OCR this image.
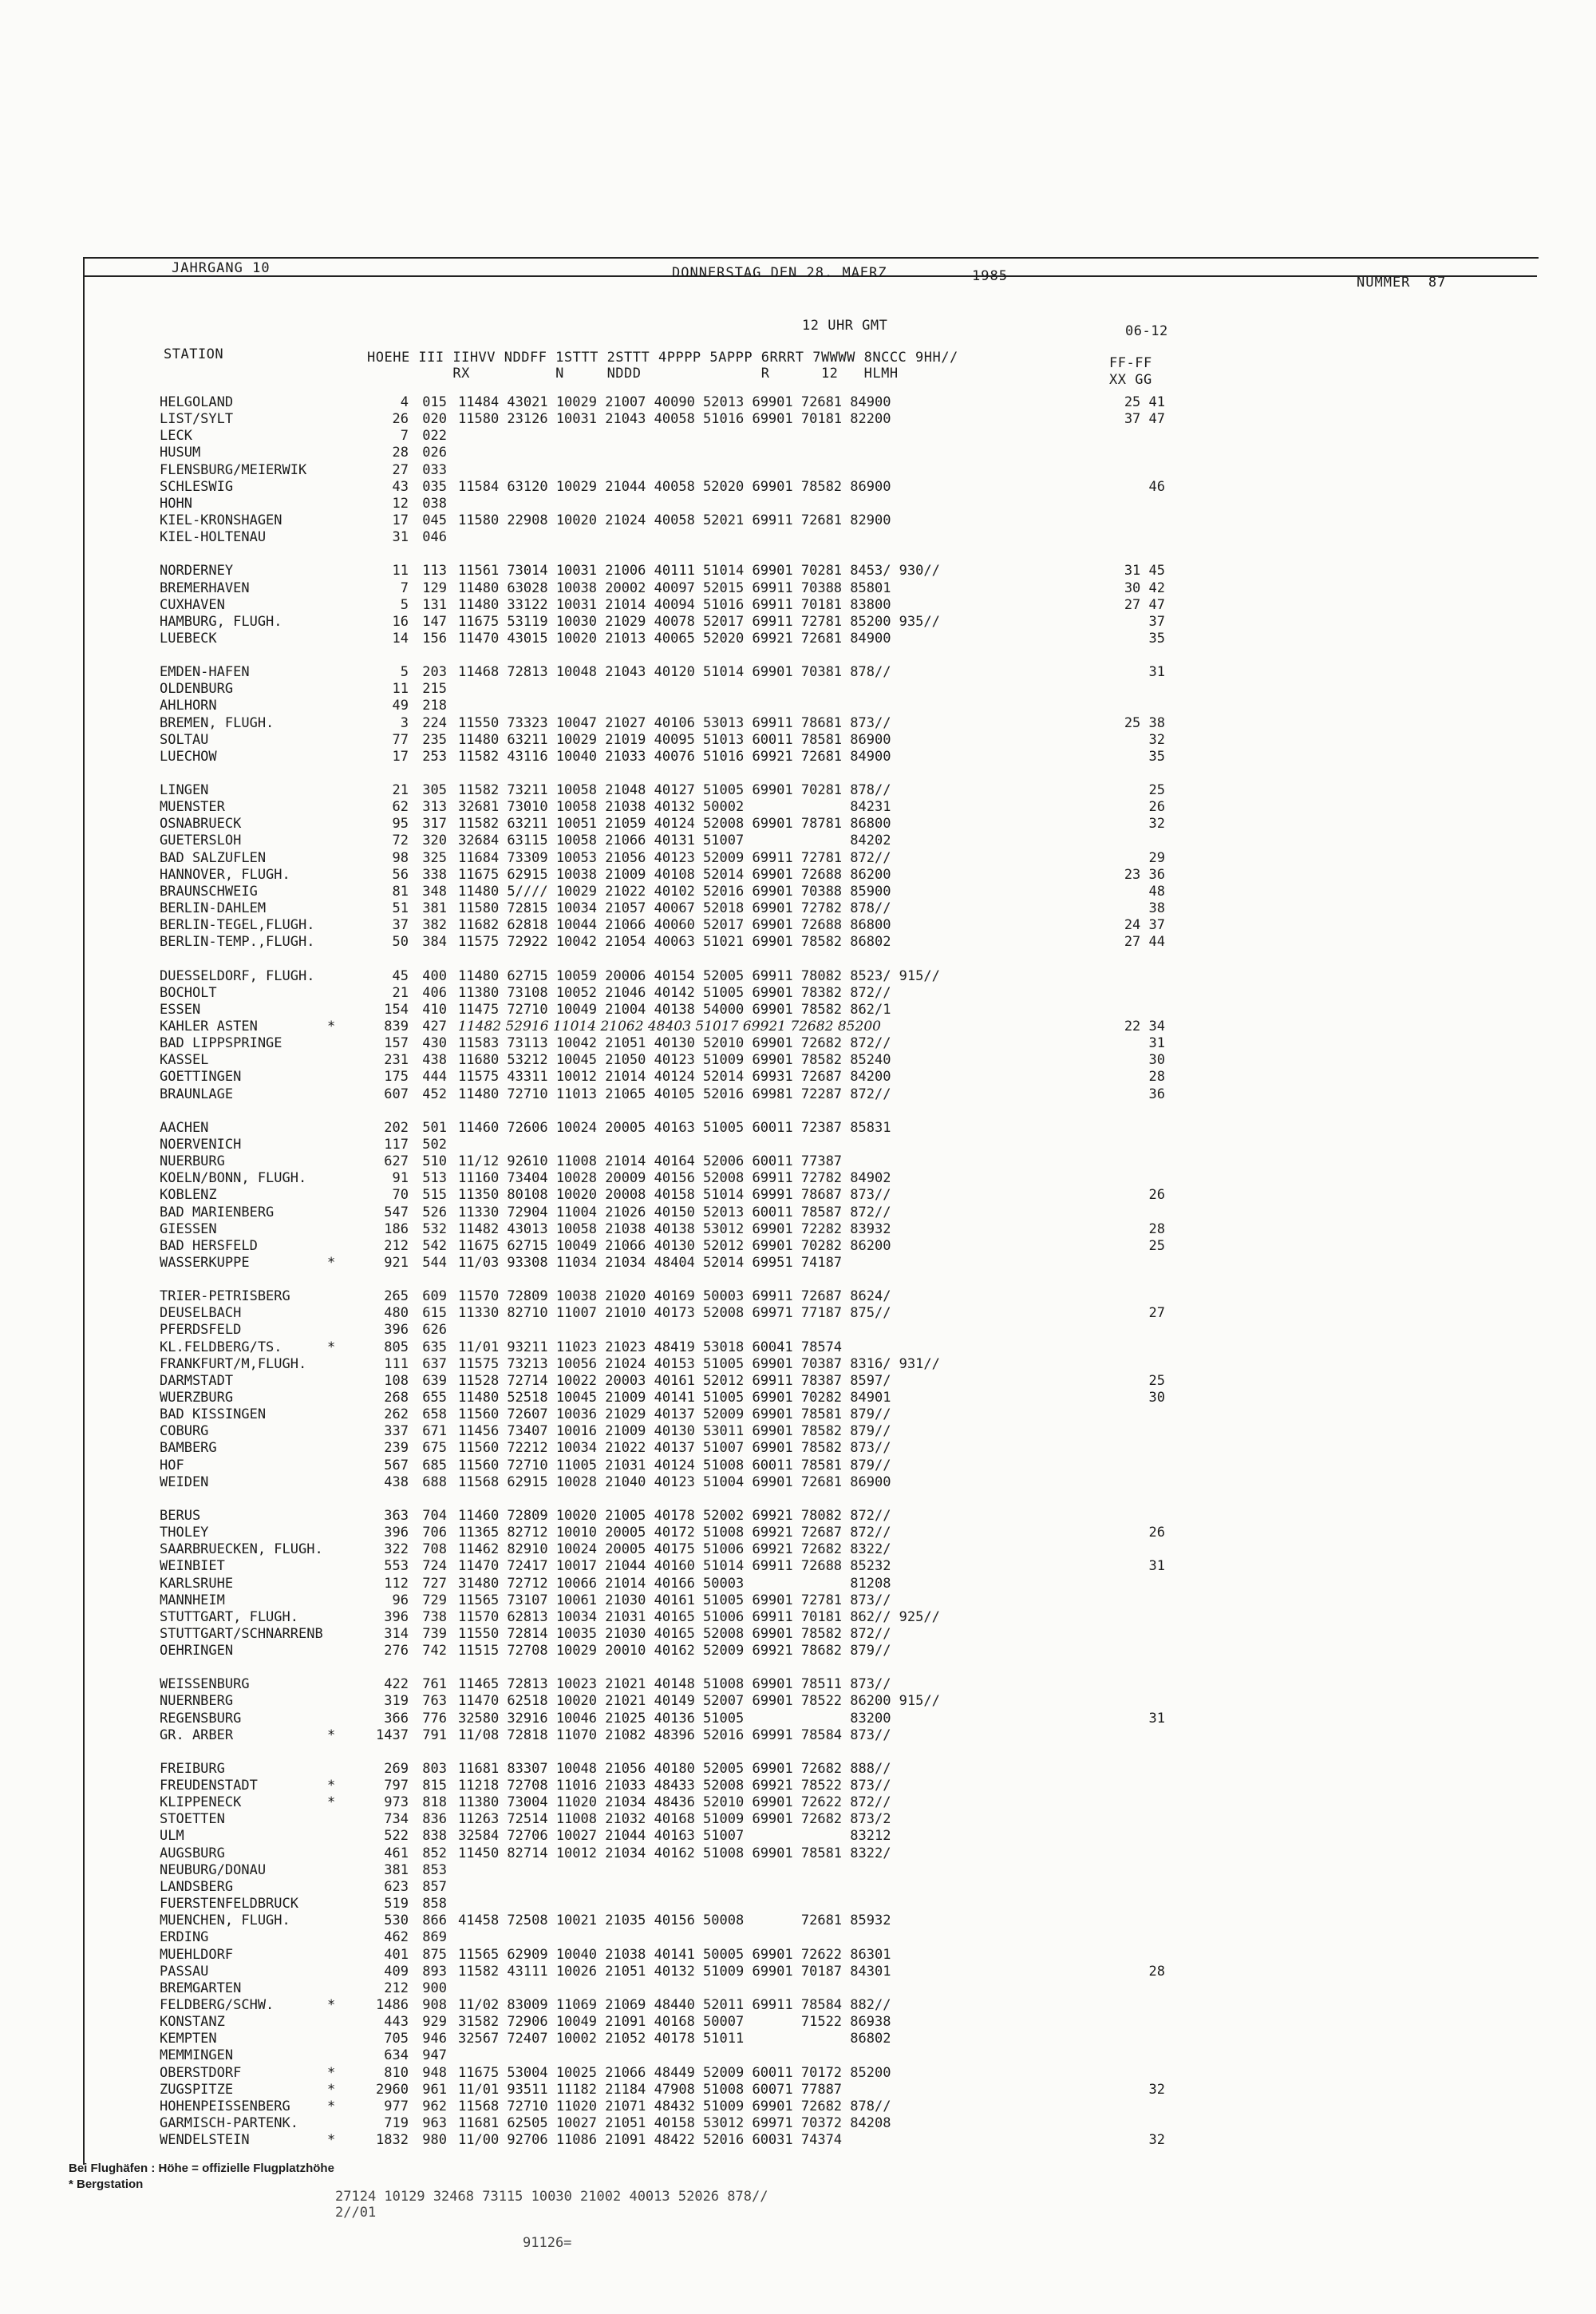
JAHRGANG 10	DONNERSTAG DEN 28. MAERZ	1985	NUMMER  87
12 UHR GMT	06-12
STATION	HOEHE III IIHVV NDDFF 1STTT 2STTT 4PPPP 5APPP 6RRRT 7WWWW 8NCCC 9HH//
RX          N     NDDD              R      12   HLMH
FF-FF
XX GG
HELGOLAND	4	015 11484 43021 10029 21007 40090 52013 69901 72681 84900	25 41
LIST/SYLT	26	020 11580 23126 10031 21043 40058 51016 69901 70181 82200	37 47
LECK	7	022
HUSUM	28	026
FLENSBURG/MEIERWIK	27	033
SCHLESWIG	43	035 11584 63120 10029 21044 40058 52020 69901 78582 86900	46
HOHN	12	038
KIEL-KRONSHAGEN	17	045 11580 22908 10020 21024 40058 52021 69911 72681 82900
KIEL-HOLTENAU	31	046
NORDERNEY	11	113 11561 73014 10031 21006 40111 51014 69901 70281 8453/ 930//	31 45
BREMERHAVEN	7	129 11480 63028 10038 20002 40097 52015 69911 70388 85801	30 42
CUXHAVEN	5	131 11480 33122 10031 21014 40094 51016 69911 70181 83800	27 47
HAMBURG, FLUGH.	16	147 11675 53119 10030 21029 40078 52017 69911 72781 85200 935//	37
LUEBECK	14	156 11470 43015 10020 21013 40065 52020 69921 72681 84900	35
EMDEN-HAFEN	5	203 11468 72813 10048 21043 40120 51014 69901 70381 878//	31
OLDENBURG	11	215
AHLHORN	49	218
BREMEN, FLUGH.	3	224 11550 73323 10047 21027 40106 53013 69911 78681 873//	25 38
SOLTAU	77	235 11480 63211 10029 21019 40095 51013 60011 78581 86900	32
LUECHOW	17	253 11582 43116 10040 21033 40076 51016 69921 72681 84900	35
LINGEN	21	305 11582 73211 10058 21048 40127 51005 69901 70281 878//	25
MUENSTER	62	313 32681 73010 10058 21038 40132 50002             84231	26
OSNABRUECK	95	317 11582 63211 10051 21059 40124 52008 69901 78781 86800	32
GUETERSLOH	72	320 32684 63115 10058 21066 40131 51007             84202
BAD SALZUFLEN	98	325 11684 73309 10053 21056 40123 52009 69911 72781 872//	29
HANNOVER, FLUGH.	56	338 11675 62915 10038 21009 40108 52014 69901 72688 86200	23 36
BRAUNSCHWEIG	81	348 11480 5//// 10029 21022 40102 52016 69901 70388 85900	48
BERLIN-DAHLEM	51	381 11580 72815 10034 21057 40067 52018 69901 72782 878//	38
BERLIN-TEGEL,FLUGH.	37	382 11682 62818 10044 21066 40060 52017 69901 72688 86800	24 37
BERLIN-TEMP.,FLUGH.	50	384 11575 72922 10042 21054 40063 51021 69901 78582 86802	27 44
DUESSELDORF, FLUGH.	45	400 11480 62715 10059 20006 40154 52005 69911 78082 8523/ 915//
BOCHOLT	21	406 11380 73108 10052 21046 40142 51005 69901 78382 872//
ESSEN	154	410 11475 72710 10049 21004 40138 54000 69901 78582 862/1
KAHLER ASTEN	*	839	427 11482 52916 11014 21062 48403 51017 69921 72682 85200	22 34
BAD LIPPSPRINGE	157	430 11583 73113 10042 21051 40130 52010 69901 72682 872//	31
KASSEL	231	438 11680 53212 10045 21050 40123 51009 69901 78582 85240	30
GOETTINGEN	175	444 11575 43311 10012 21014 40124 52014 69931 72687 84200	28
BRAUNLAGE	607	452 11480 72710 11013 21065 40105 52016 69981 72287 872//	36
AACHEN	202	501 11460 72606 10024 20005 40163 51005 60011 72387 85831
NOERVENICH	117	502
NUERBURG	627	510 11/12 92610 11008 21014 40164 52006 60011 77387
KOELN/BONN, FLUGH.	91	513 11160 73404 10028 20009 40156 52008 69911 72782 84902
KOBLENZ	70	515 11350 80108 10020 20008 40158 51014 69991 78687 873//	26
BAD MARIENBERG	547	526 11330 72904 11004 21026 40150 52013 60011 78587 872//
GIESSEN	186	532 11482 43013 10058 21038 40138 53012 69901 72282 83932	28
BAD HERSFELD	212	542 11675 62715 10049 21066 40130 52012 69901 70282 86200	25
WASSERKUPPE	*	921	544 11/03 93308 11034 21034 48404 52014 69951 74187
TRIER-PETRISBERG	265	609 11570 72809 10038 21020 40169 50003 69911 72687 8624/
DEUSELBACH	480	615 11330 82710 11007 21010 40173 52008 69971 77187 875//	27
PFERDSFELD	396	626
KL.FELDBERG/TS.	*	805	635 11/01 93211 11023 21023 48419 53018 60041 78574
FRANKFURT/M,FLUGH.	111	637 11575 73213 10056 21024 40153 51005 69901 70387 8316/ 931//
DARMSTADT	108	639 11528 72714 10022 20003 40161 52012 69911 78387 8597/	25
WUERZBURG	268	655 11480 52518 10045 21009 40141 51005 69901 70282 84901	30
BAD KISSINGEN	262	658 11560 72607 10036 21029 40137 52009 69901 78581 879//
COBURG	337	671 11456 73407 10016 21009 40130 53011 69901 78582 879//
BAMBERG	239	675 11560 72212 10034 21022 40137 51007 69901 78582 873//
HOF	567	685 11560 72710 11005 21031 40124 51008 60011 78581 879//
WEIDEN	438	688 11568 62915 10028 21040 40123 51004 69901 72681 86900
BERUS	363	704 11460 72809 10020 21005 40178 52002 69921 78082 872//
THOLEY	396	706 11365 82712 10010 20005 40172 51008 69921 72687 872//	26
SAARBRUECKEN, FLUGH.	322	708 11462 82910 10024 20005 40175 51006 69921 72682 8322/
WEINBIET	553	724 11470 72417 10017 21044 40160 51014 69911 72688 85232	31
KARLSRUHE	112	727 31480 72712 10066 21014 40166 50003             81208
MANNHEIM	96	729 11565 73107 10061 21030 40161 51005 69901 72781 873//
STUTTGART, FLUGH.	396	738 11570 62813 10034 21031 40165 51006 69911 70181 862// 925//
STUTTGART/SCHNARRENB	314	739 11550 72814 10035 21030 40165 52008 69901 78582 872//
OEHRINGEN	276	742 11515 72708 10029 20010 40162 52009 69921 78682 879//
WEISSENBURG	422	761 11465 72813 10023 21021 40148 51008 69901 78511 873//
NUERNBERG	319	763 11470 62518 10020 21021 40149 52007 69901 78522 86200 915//
REGENSBURG	366	776 32580 32916 10046 21025 40136 51005             83200	31
GR. ARBER	*	1437	791 11/08 72818 11070 21082 48396 52016 69991 78584 873//
FREIBURG	269	803 11681 83307 10048 21056 40180 52005 69901 72682 888//
FREUDENSTADT	*	797	815 11218 72708 11016 21033 48433 52008 69921 78522 873//
KLIPPENECK	*	973	818 11380 73004 11020 21034 48436 52010 69901 72622 872//
STOETTEN	734	836 11263 72514 11008 21032 40168 51009 69901 72682 873/2
ULM	522	838 32584 72706 10027 21044 40163 51007             83212
AUGSBURG	461	852 11450 82714 10012 21034 40162 51008 69901 78581 8322/
NEUBURG/DONAU	381	853
LANDSBERG	623	857
FUERSTENFELDBRUCK	519	858
MUENCHEN, FLUGH.	530	866 41458 72508 10021 21035 40156 50008       72681 85932
ERDING	462	869
MUEHLDORF	401	875 11565 62909 10040 21038 40141 50005 69901 72622 86301
PASSAU	409	893 11582 43111 10026 21051 40132 51009 69901 70187 84301	28
BREMGARTEN	212	900
FELDBERG/SCHW.	*	1486	908 11/02 83009 11069 21069 48440 52011 69911 78584 882//
KONSTANZ	443	929 31582 72906 10049 21091 40168 50007       71522 86938
KEMPTEN	705	946 32567 72407 10002 21052 40178 51011             86802
MEMMINGEN	634	947
OBERSTDORF	*	810	948 11675 53004 10025 21066 48449 52009 60011 70172 85200
ZUGSPITZE	*	2960	961 11/01 93511 11182 21184 47908 51008 60071 77887	32
HOHENPEISSENBERG	*	977	962 11568 72710 11020 21071 48432 51009 69901 72682 878//
GARMISCH-PARTENK.	719	963 11681 62505 10027 21051 40158 53012 69971 70372 84208
WENDELSTEIN	*	1832	980 11/00 92706 11086 21091 48422 52016 60031 74374	32
Bei Flughäfen : Höhe = offizielle Flugplatzhöhe
* Bergstation
27124 10129 32468 73115 10030 21002 40013 52026 878//
2//01
91126=
